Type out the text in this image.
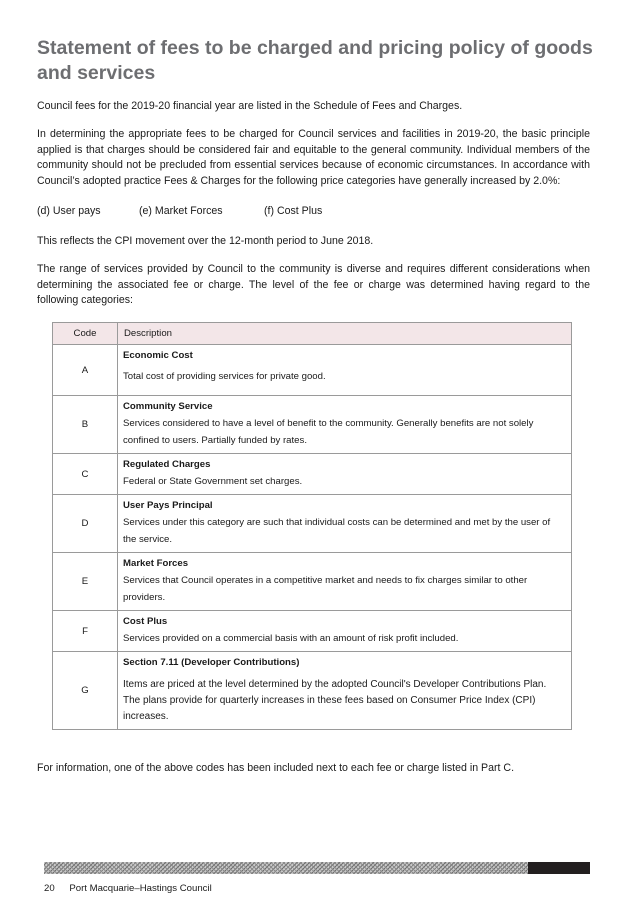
Statement of fees to be charged and pricing policy of goods and services

Council fees for the 2019-20 financial year are listed in the Schedule of Fees and Charges.

In determining the appropriate fees to be charged for Council services and facilities in 2019-20, the basic principle applied is that charges should be considered fair and equitable to the general community. Individual members of the community should not be precluded from essential services because of economic circumstances. In accordance with Council’s adopted practice Fees & Charges for the following price categories have generally increased by 2.0%:

(d) User pays	(e) Market Forces	(f) Cost Plus

This reflects the CPI movement over the 12-month period to June 2018.

The range of services provided by Council to the community is diverse and requires different considerations when determining the associated fee or charge. The level of the fee or charge was determined having regard to the following categories:

Code	Description
A	Economic Cost
Total cost of providing services for private good.

B	Community Service
Services considered to have a level of benefit to the community. Generally benefits are not solely confined to users. Partially funded by rates.

C	Regulated Charges
Federal or State Government set charges.

D	User Pays Principal
Services under this category are such that individual costs can be determined and met by the user of the service.

E	Market Forces
Services that Council operates in a competitive market and needs to fix charges similar to other providers.

F	Cost Plus
Services provided on a commercial basis with an amount of risk profit included.

G	Section 7.11 (Developer Contributions)
Items are priced at the level determined by the adopted Council's Developer Contributions Plan. The plans provide for quarterly increases in these fees based on Consumer Price Index (CPI) increases.

For information, one of the above codes has been included next to each fee or charge listed in Part C.

20 Port Macquarie–Hastings Council
